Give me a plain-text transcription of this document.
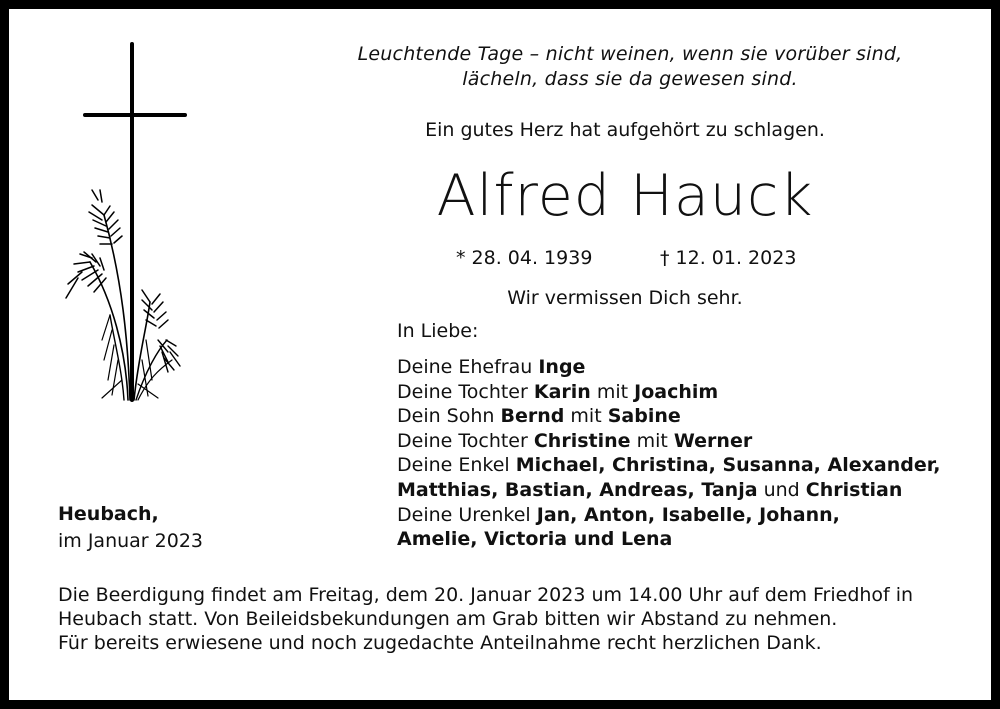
Leuchtende Tage – nicht weinen, wenn sie vorüber sind,
lächeln, dass sie da gewesen sind.
Ein gutes Herz hat aufgehört zu schlagen.
Alfred Hauck
* 28. 04. 1939	† 12. 01. 2023
Wir vermissen Dich sehr.
In Liebe:
Deine Ehefrau Inge
Deine Tochter Karin mit Joachim
Dein Sohn Bernd mit Sabine
Deine Tochter Christine mit Werner
Deine Enkel Michael, Christina, Susanna, Alexander,
Matthias, Bastian, Andreas, Tanja und Christian
Deine Urenkel Jan, Anton, Isabelle, Johann,
Amelie, Victoria und Lena
Heubach,
im Januar 2023
Die Beerdigung findet am Freitag, dem 20. Januar 2023 um 14.00 Uhr auf dem Friedhof in
Heubach statt. Von Beileidsbekundungen am Grab bitten wir Abstand zu nehmen.
Für bereits erwiesene und noch zugedachte Anteilnahme recht herzlichen Dank.
